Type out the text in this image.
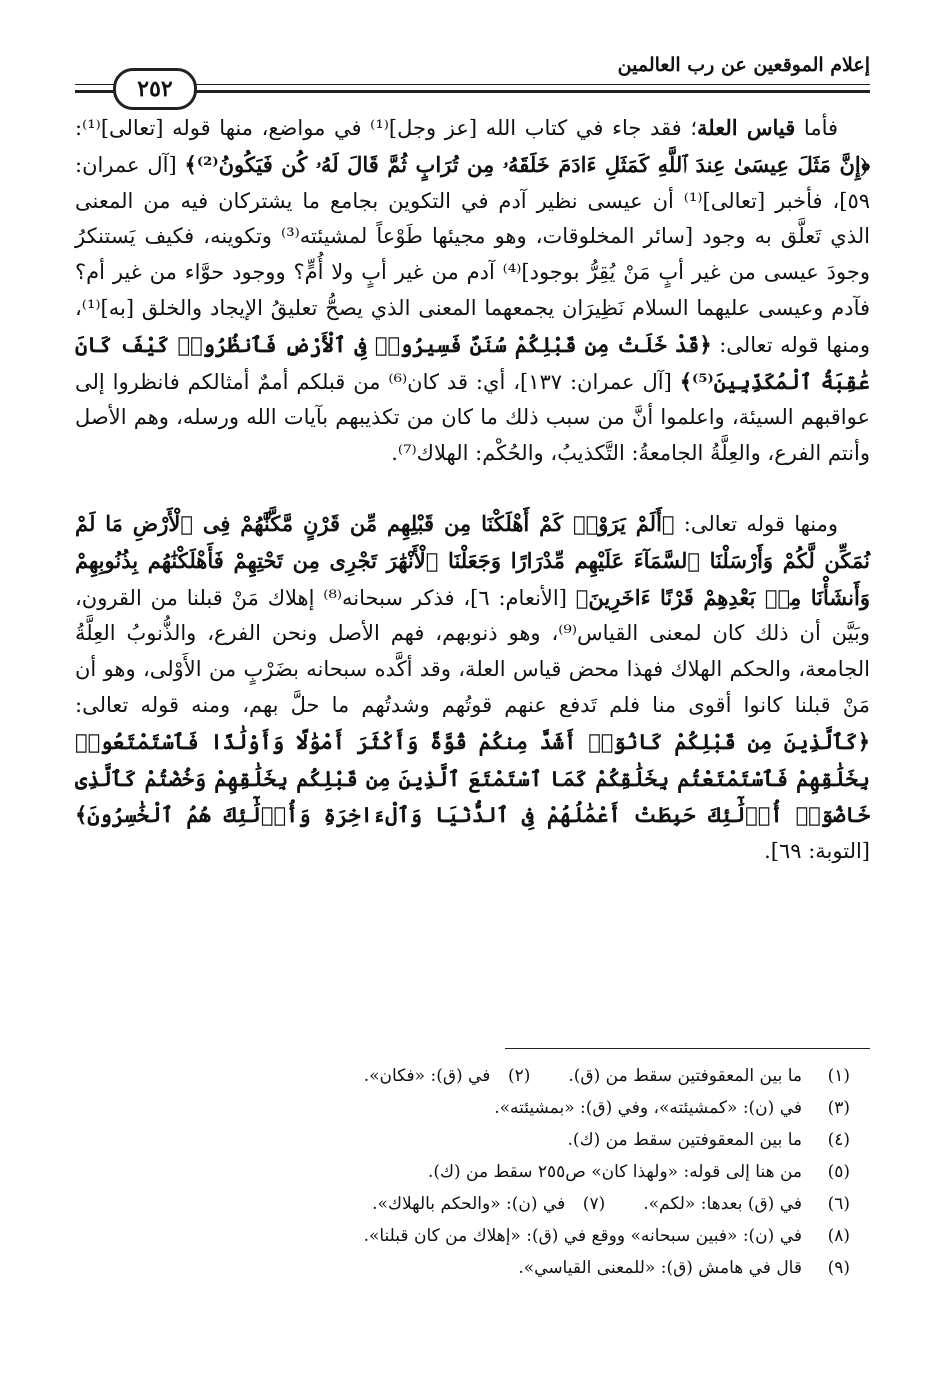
إعلام الموقعين عن رب العالمين
٢٥٢

فأما قياس العلة؛ فقد جاء في كتاب الله [عز وجل]⁽¹⁾ في مواضع، منها قوله [تعالى]⁽¹⁾: ﴿إِنَّ مَثَلَ عِيسَىٰ عِندَ ٱللَّهِ كَمَثَلِ ءَادَمَ خَلَقَهُۥ مِن تُرَابٍ ثُمَّ قَالَ لَهُۥ كُن فَيَكُونُ⁽²⁾﴾ [آل عمران: ٥٩]، فأخبر [تعالى]⁽¹⁾ أن عيسى نظير آدم في التكوين بجامع ما يشتركان فيه من المعنى الذي تَعلَّق به وجود [سائر المخلوقات، وهو مجيئها طَوْعاً لمشيئته⁽³⁾ وتكوينه، فكيف يَستنكرُ وجودَ عيسى من غير أبٍ مَنْ يُقِرُّ بوجود]⁽⁴⁾ آدم من غير أبٍ ولا أُمٍّ؟ ووجود حوَّاء من غير أم؟ فآدم وعيسى عليهما السلام نَظِيرَان يجمعهما المعنى الذي يصحُّ تعليقُ الإيجاد والخلق [به]⁽¹⁾، ومنها قوله تعالى: ﴿قَدْ خَلَتْ مِن قَبْلِكُمْ سُنَنٌ فَسِيرُوا۟ فِى ٱلْأَرْضِ فَٱنظُرُوا۟ كَيْفَ كَانَ عَٰقِبَةُ ٱلْمُكَذِّبِينَ⁽⁵⁾﴾ [آل عمران: ١٣٧]، أي: قد كان⁽⁶⁾ من قبلكم أممٌ أمثالكم فانظروا إلى عواقبهم السيئة، واعلموا أنَّ من سبب ذلك ما كان من تكذيبهم بآيات الله ورسله، وهم الأصل وأنتم الفرع، والعِلَّةُ الجامعةُ: التَّكذيبُ، والحُكْم: الهلاك⁽⁷⁾.

ومنها قوله تعالى: ﴿أَلَمْ يَرَوْا۟ كَمْ أَهْلَكْنَا مِن قَبْلِهِم مِّن قَرْنٍ مَّكَّنَّٰهُمْ فِى ٱلْأَرْضِ مَا لَمْ نُمَكِّن لَّكُمْ وَأَرْسَلْنَا ٱلسَّمَآءَ عَلَيْهِم مِّدْرَارًا وَجَعَلْنَا ٱلْأَنْهَٰرَ تَجْرِى مِن تَحْتِهِمْ فَأَهْلَكْنَٰهُم بِذُنُوبِهِمْ وَأَنشَأْنَا مِنۢ بَعْدِهِمْ قَرْنًا ءَاخَرِينَ﴾ [الأنعام: ٦]، فذكر سبحانه⁽⁸⁾ إهلاك مَنْ قبلنا من القرون، وبَيَّن أن ذلك كان لمعنى القياس⁽⁹⁾، وهو ذنوبهم، فهم الأصل ونحن الفرع، والذُّنوبُ العِلَّةُ الجامعة، والحكم الهلاك فهذا محض قياس العلة، وقد أكَّده سبحانه بضَرْبٍ من الأَوْلى، وهو أن مَنْ قبلنا كانوا أقوى منا فلم تَدفع عنهم قوتُهم وشدتُهم ما حلَّ بهم، ومنه قوله تعالى: ﴿كَٱلَّذِينَ مِن قَبْلِكُمْ كَانُوٓا۟ أَشَدَّ مِنكُمْ قُوَّةً وَأَكْثَرَ أَمْوَٰلًا وَأَوْلَٰدًا فَٱسْتَمْتَعُوا۟ بِخَلَٰقِهِمْ فَٱسْتَمْتَعْتُم بِخَلَٰقِكُمْ كَمَا ٱسْتَمْتَعَ ٱلَّذِينَ مِن قَبْلِكُم بِخَلَٰقِهِمْ وَخُضْتُمْ كَٱلَّذِى خَاضُوٓا۟ أُو۟لَٰٓئِكَ حَبِطَتْ أَعْمَٰلُهُمْ فِى ٱلدُّنْيَا وَٱلْءَاخِرَةِ وَأُو۟لَٰٓئِكَ هُمُ ٱلْخَٰسِرُونَ﴾ [التوبة: ٦٩].

(١)ما بين المعقوفتين سقط من (ق).(٢)في (ق): «فكان».
(٣)في (ن): «كمشيئته»، وفي (ق): «بمشيئته».
(٤)ما بين المعقوفتين سقط من (ك).
(٥)من هنا إلى قوله: «ولهذا كان» ص٢٥٥ سقط من (ك).
(٦)في (ق) بعدها: «لكم».(٧)في (ن): «والحكم بالهلاك».
(٨)في (ن): «فبين سبحانه» ووقع في (ق): «إهلاك من كان قبلنا».
(٩)قال في هامش (ق): «للمعنى القياسي».
